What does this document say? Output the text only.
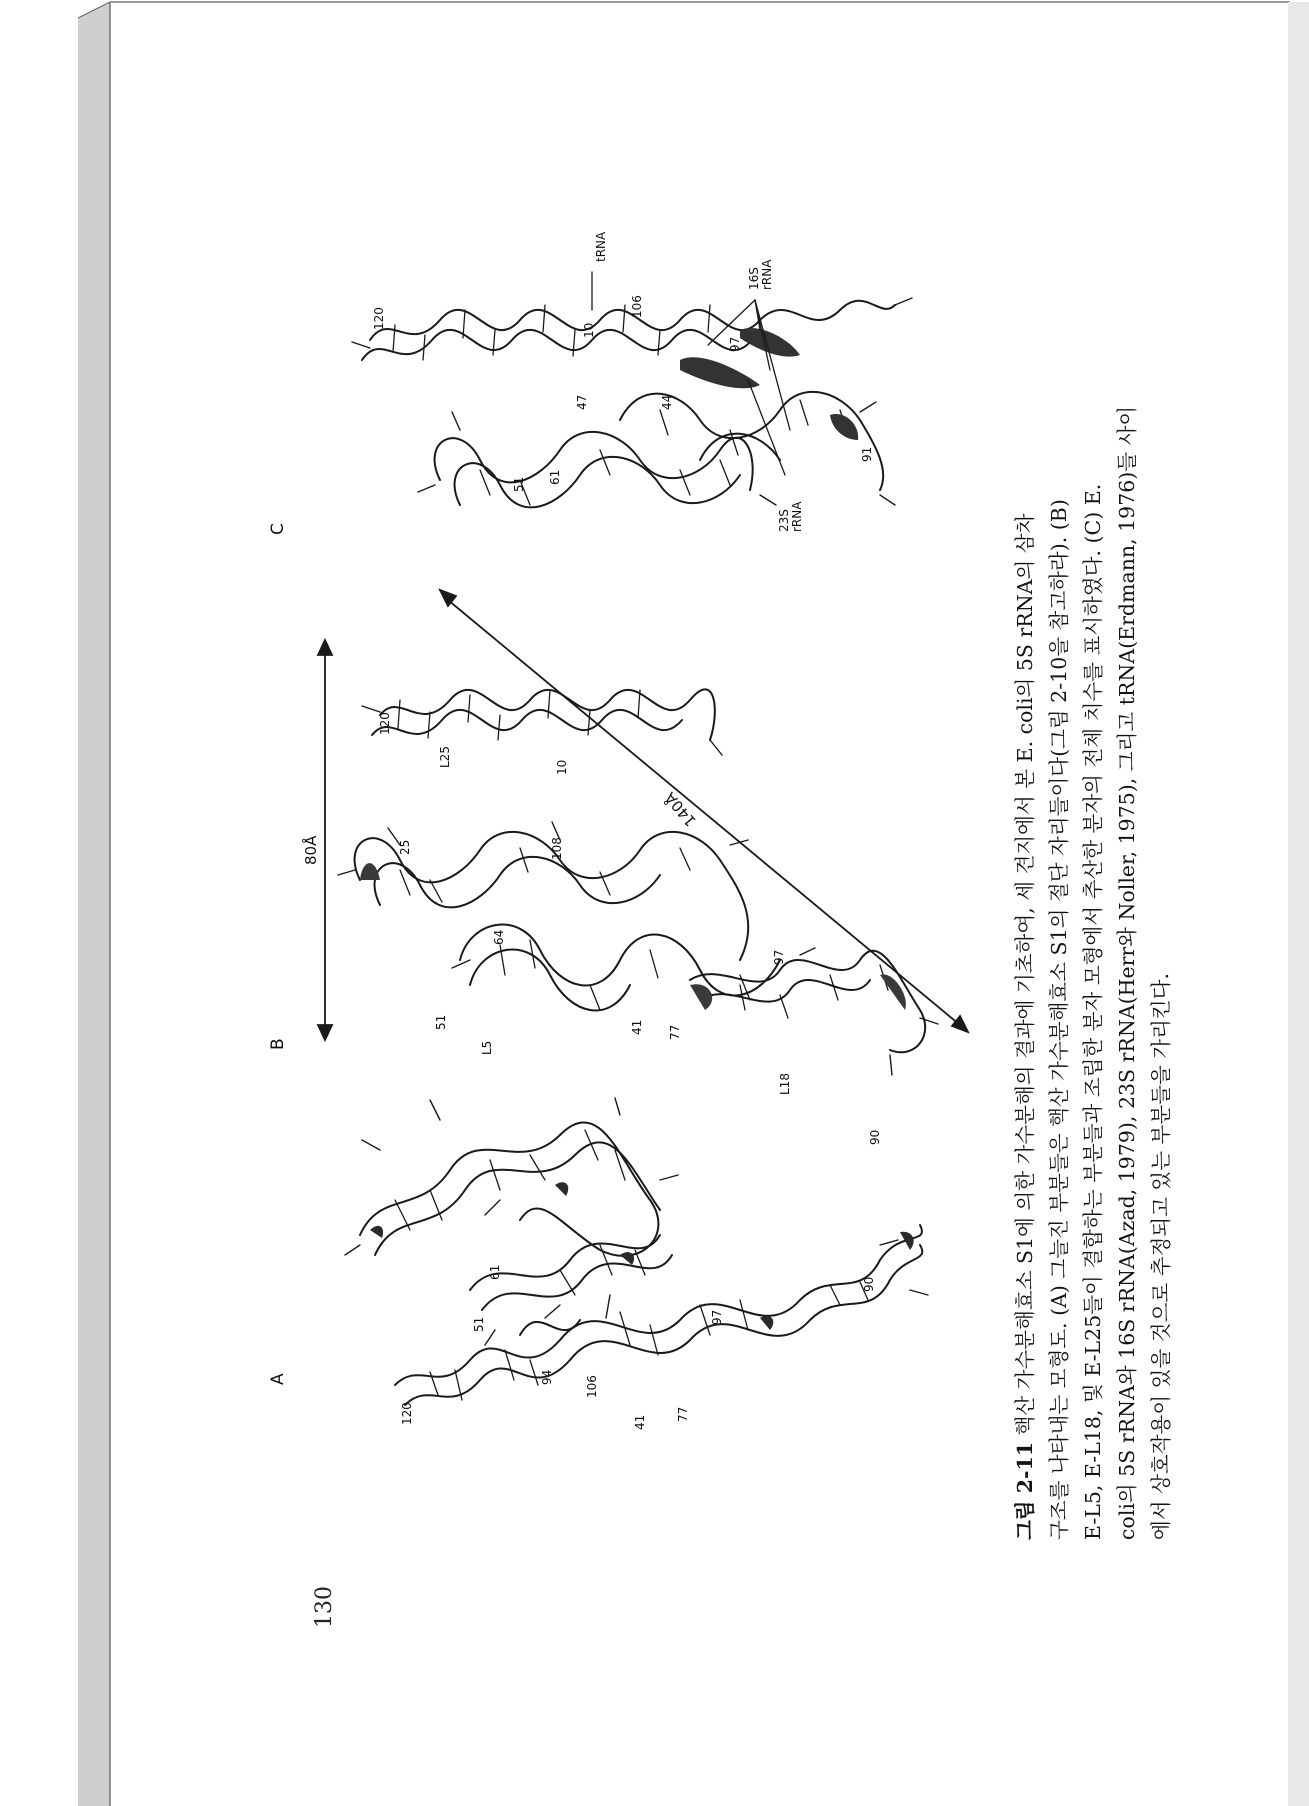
A
B
C
120
51
61
94	106
41
77
97
90
120
L25	10
108
25
64
51
L5
41 77
97
L18
90
120
10
106
47	44
51 61
97
91
tRNA
16S rRNA
23S rRNA
80Å
140Å
그림 2-11 핵산 가수분해효소 S1에 의한 가수분해의 결과에 기초하여, 세 견지에서 본 E. coli의 5S rRNA의 삼차 구조를 나타내는 모형도. (A) 그늘진 부분들은 핵산 가수분해효소 S1의 절단 자리들이다(그림 2-10을 참고하라). (B) E-L5, E-L18, 및 E-L25들이 결합하는 부분들과 조립한 분자 모형에서 추산한 분자의 전체 치수를 표시하였다. (C) E. coli의 5S rRNA와 16S rRNA(Azad, 1979), 23S rRNA(Herr와 Noller, 1975), 그리고 tRNA(Erdmann, 1976)들 사이 에서 상호작용이 있을 것으로 추정되고 있는 부분들을 가리킨다.
130
